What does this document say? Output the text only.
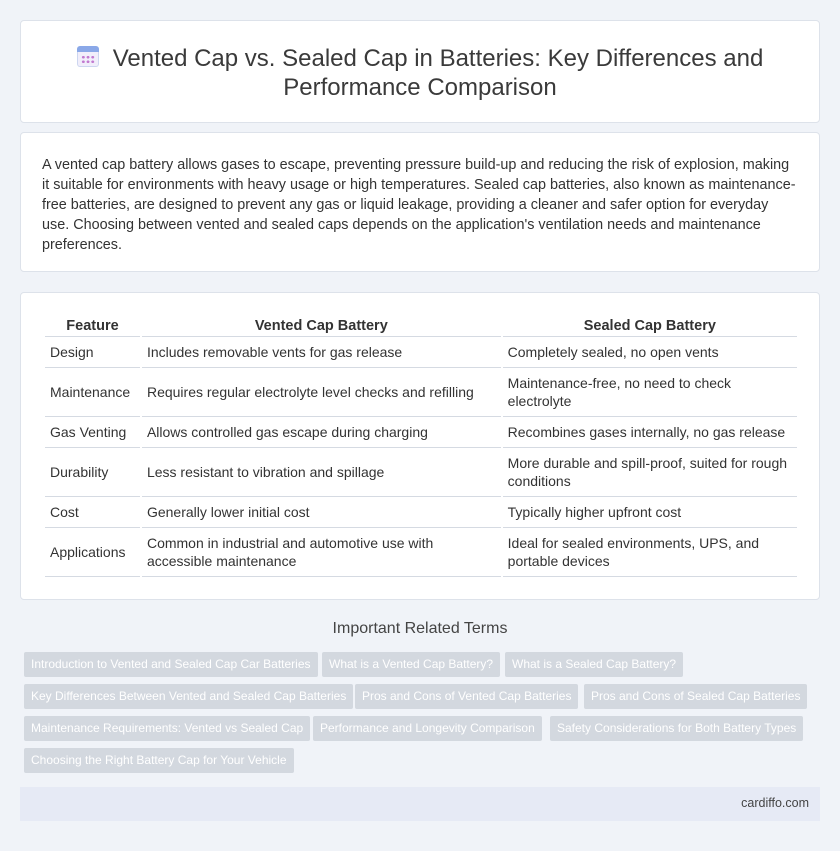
Vented Cap vs. Sealed Cap in Batteries: Key Differences and Performance Comparison

A vented cap battery allows gases to escape, preventing pressure build-up and reducing the risk of explosion, making it suitable for environments with heavy usage or high temperatures. Sealed cap batteries, also known as maintenance-free batteries, are designed to prevent any gas or liquid leakage, providing a cleaner and safer option for everyday use. Choosing between vented and sealed caps depends on the application's ventilation needs and maintenance preferences.

Feature	Vented Cap Battery	Sealed Cap Battery
Design	Includes removable vents for gas release	Completely sealed, no open vents
Maintenance	Requires regular electrolyte level checks and refilling	Maintenance-free, no need to check electrolyte
Gas Venting	Allows controlled gas escape during charging	Recombines gases internally, no gas release
Durability	Less resistant to vibration and spillage	More durable and spill-proof, suited for rough conditions
Cost	Generally lower initial cost	Typically higher upfront cost
Applications	Common in industrial and automotive use with accessible maintenance	Ideal for sealed environments, UPS, and portable devices
Important Related Terms
Introduction to Vented and Sealed Cap Car Batteries	What is a Vented Cap Battery?	What is a Sealed Cap Battery?
Key Differences Between Vented and Sealed Cap Batteries	Pros and Cons of Vented Cap Batteries	Pros and Cons of Sealed Cap Batteries
Maintenance Requirements: Vented vs Sealed Cap	Performance and Longevity Comparison	Safety Considerations for Both Battery Types
Choosing the Right Battery Cap for Your Vehicle
cardiffo.com
